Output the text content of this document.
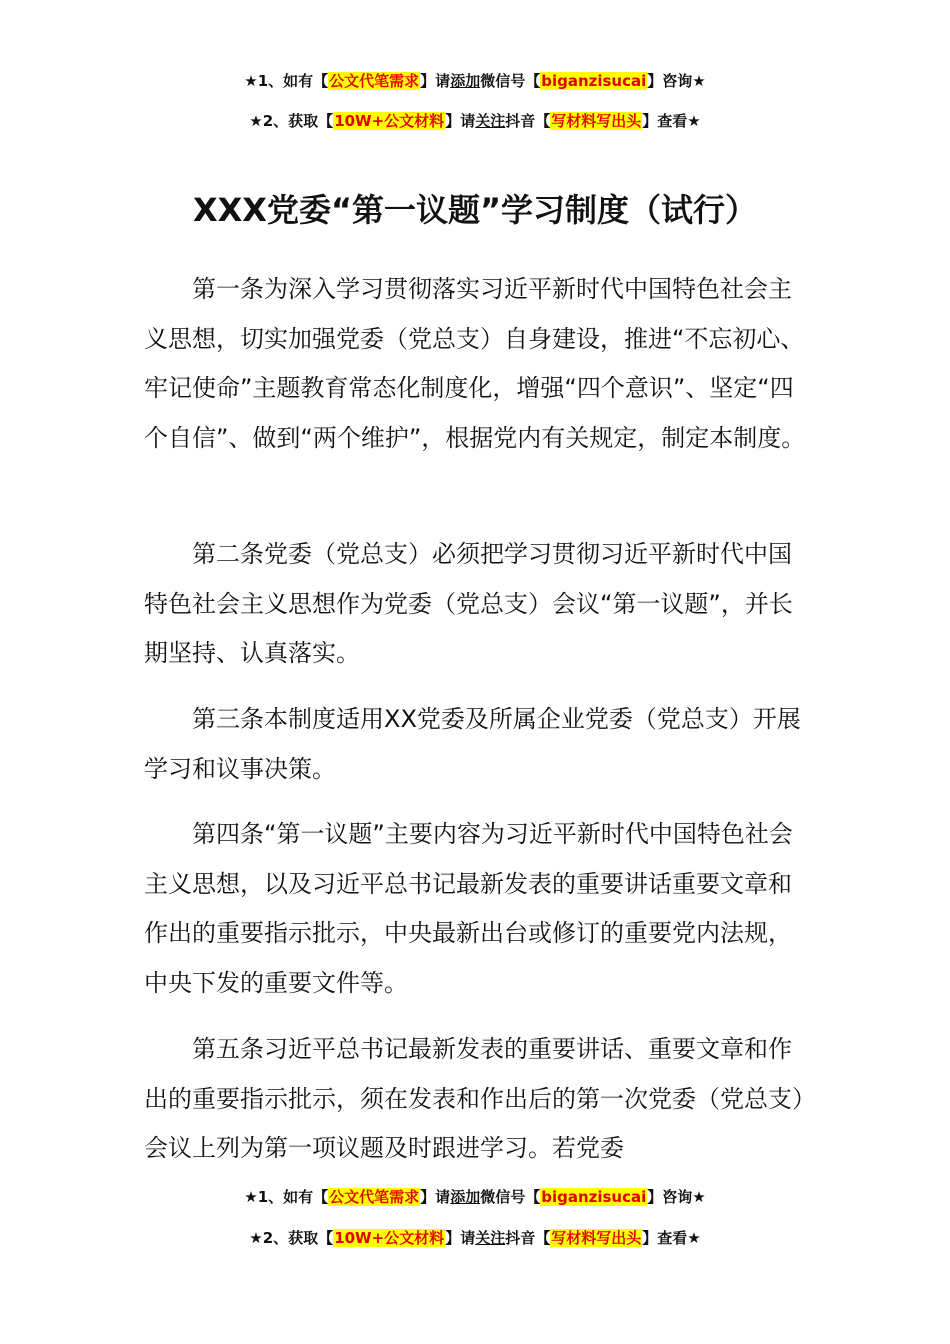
★1、如有【公文代笔需求】请添加微信号【biganzisucai】咨询★
★2、获取【10W+公文材料】请关注抖音【写材料写出头】查看★
XXX党委“第一议题”学习制度（试行）

第一条为深入学习贯彻落实习近平新时代中国特色社会主义思想，切实加强党委（党总支）自身建设，推进“不忘初心、牢记使命”主题教育常态化制度化，增强“四个意识”、坚定“四个自信”、做到“两个维护”，根据党内有关规定，制定本制度。

第二条党委（党总支）必须把学习贯彻习近平新时代中国特色社会主义思想作为党委（党总支）会议“第一议题”，并长期坚持、认真落实。

第三条本制度适用XX党委及所属企业党委（党总支）开展学习和议事决策。

第四条“第一议题”主要内容为习近平新时代中国特色社会主义思想，以及习近平总书记最新发表的重要讲话重要文章和作出的重要指示批示，中央最新出台或修订的重要党内法规，中央下发的重要文件等。

第五条习近平总书记最新发表的重要讲话、重要文章和作出的重要指示批示，须在发表和作出后的第一次党委（党总支）会议上列为第一项议题及时跟进学习。若党委

★1、如有【公文代笔需求】请添加微信号【biganzisucai】咨询★
★2、获取【10W+公文材料】请关注抖音【写材料写出头】查看★
